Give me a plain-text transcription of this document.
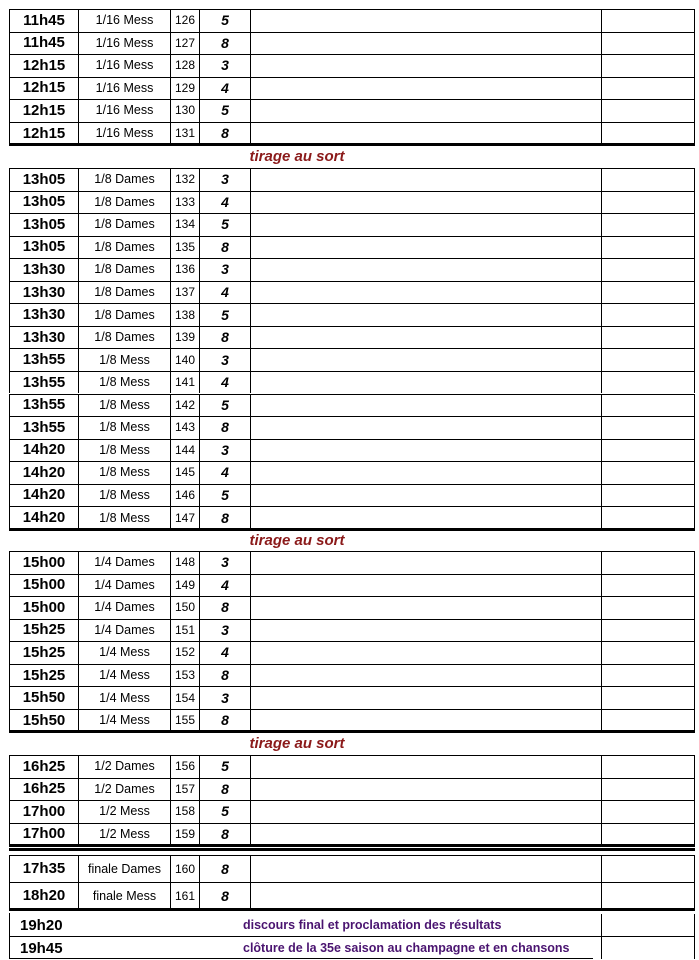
11h45	1/16 Mess	126	5
11h45	1/16 Mess	127	8
12h15	1/16 Mess	128	3
12h15	1/16 Mess	129	4
12h15	1/16 Mess	130	5
12h15	1/16 Mess	131	8
tirage au sort
13h05	1/8 Dames	132	3
13h05	1/8 Dames	133	4
13h05	1/8 Dames	134	5
13h05	1/8 Dames	135	8
13h30	1/8 Dames	136	3
13h30	1/8 Dames	137	4
13h30	1/8 Dames	138	5
13h30	1/8 Dames	139	8
13h55	1/8 Mess	140	3
13h55	1/8 Mess	141	4
13h55	1/8 Mess	142	5
13h55	1/8 Mess	143	8
14h20	1/8 Mess	144	3
14h20	1/8 Mess	145	4
14h20	1/8 Mess	146	5
14h20	1/8 Mess	147	8
tirage au sort
15h00	1/4 Dames	148	3
15h00	1/4 Dames	149	4
15h00	1/4 Dames	150	8
15h25	1/4 Dames	151	3
15h25	1/4 Mess	152	4
15h25	1/4 Mess	153	8
15h50	1/4 Mess	154	3
15h50	1/4 Mess	155	8
tirage au sort
16h25	1/2 Dames	156	5
16h25	1/2 Dames	157	8
17h00	1/2 Mess	158	5
17h00	1/2 Mess	159	8
17h35	finale Dames	160	8
18h20	finale Mess	161	8
19h20	discours final et proclamation des résultats
19h45	clôture de la 35e saison au champagne et en chansons
